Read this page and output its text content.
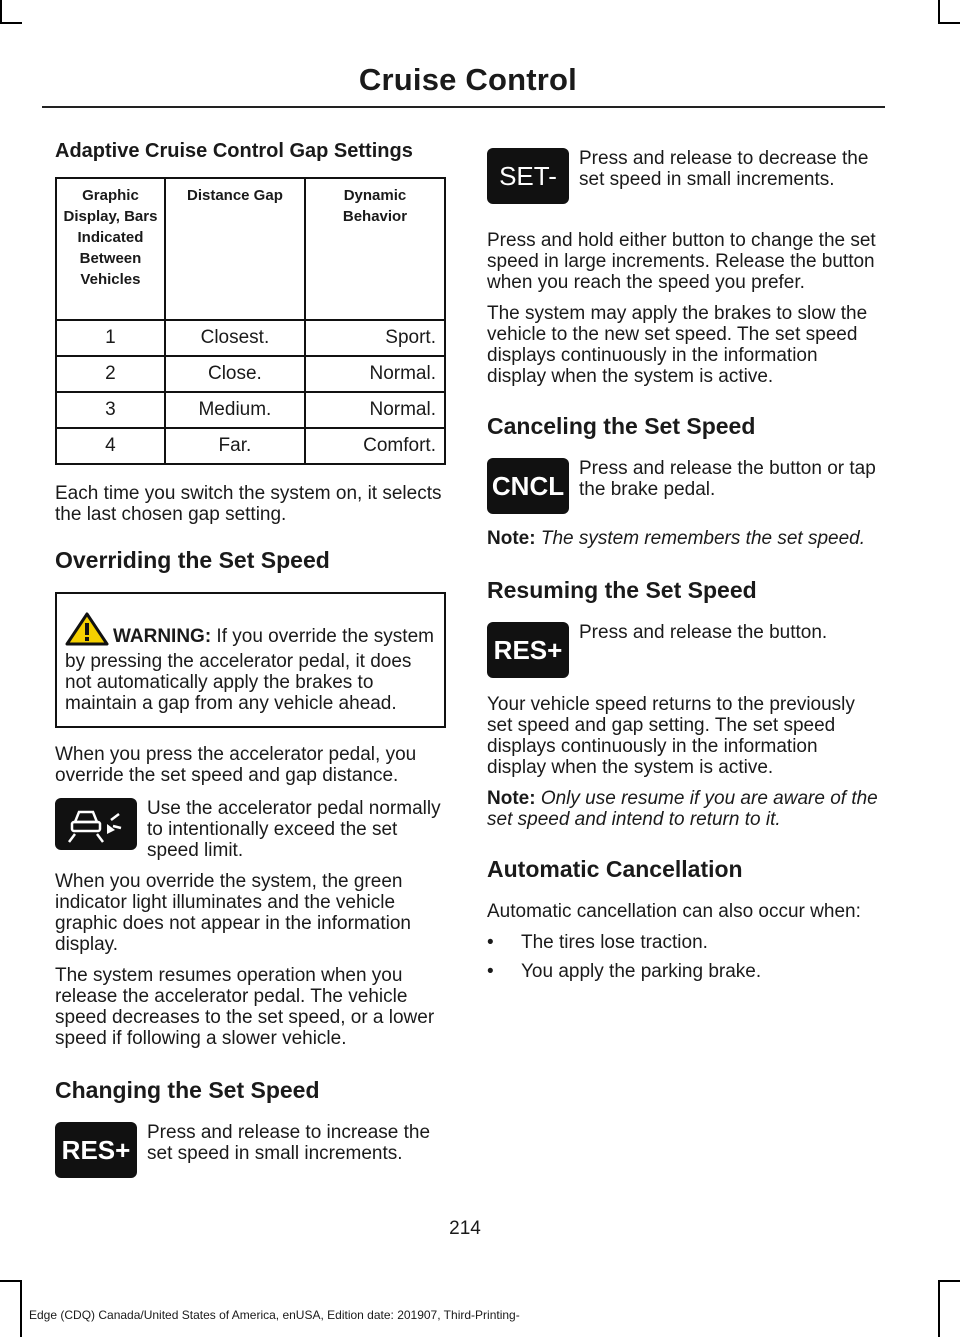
Cruise Control
Adaptive Cruise Control Gap Settings
Graphic Display, Bars Indicated Between Vehicles	Distance Gap	Dynamic Behavior
1	Closest.	Sport.
2	Close.	Normal.
3	Medium.	Normal.
4	Far.	Comfort.

Each time you switch the system on, it selects the last chosen gap setting.

Overriding the Set Speed

WARNING: If you override the system by pressing the accelerator pedal, it does not automatically apply the brakes to maintain a gap from any vehicle ahead.

When you press the accelerator pedal, you override the set speed and gap distance.

Use the accelerator pedal normally to intentionally exceed the set speed limit.

When you override the system, the green indicator light illuminates and the vehicle graphic does not appear in the information display.

The system resumes operation when you release the accelerator pedal. The vehicle speed decreases to the set speed, or a lower speed if following a slower vehicle.

Changing the Set Speed
RES+

Press and release to increase the set speed in small increments.

SET-

Press and release to decrease the set speed in small increments.

Press and hold either button to change the set speed in large increments. Release the button when you reach the speed you prefer.

The system may apply the brakes to slow the vehicle to the new set speed. The set speed displays continuously in the information display when the system is active.

Canceling the Set Speed
CNCL

Press and release the button or tap the brake pedal.

Note: The system remembers the set speed.

Resuming the Set Speed
RES+

Press and release the button.

Your vehicle speed returns to the previously set speed and gap setting. The set speed displays continuously in the information display when the system is active.

Note: Only use resume if you are aware of the set speed and intend to return to it.

Automatic Cancellation

Automatic cancellation can also occur when:

• The tires lose traction.
• You apply the parking brake.
214
Edge (CDQ) Canada/United States of America, enUSA, Edition date: 201907, Third-Printing-
